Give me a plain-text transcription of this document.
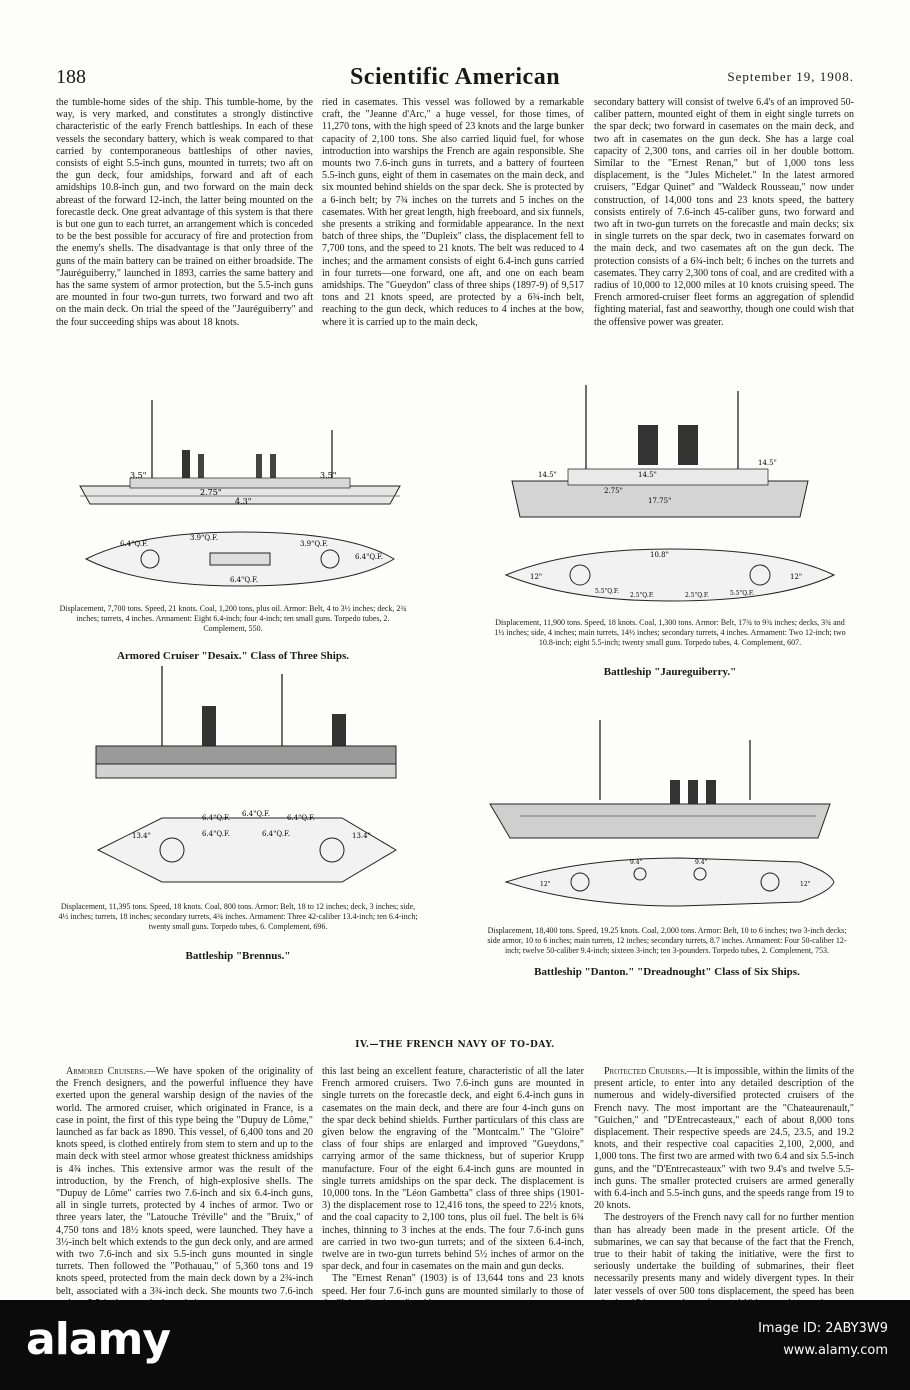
188	Scientific American	September 19, 1908.

the tumble-home sides of the ship. This tumble-home, by the way, is very marked, and constitutes a strongly distinctive characteristic of the early French battleships. In each of these vessels the secondary battery, which is weak compared to that carried by contemporaneous battleships of other navies, consists of eight 5.5-inch guns, mounted in turrets; two aft on the gun deck, four amidships, forward and aft of each amidships 10.8-inch gun, and two forward on the main deck abreast of the forward 12-inch, the latter being mounted on the forecastle deck. One great advantage of this system is that there is but one gun to each turret, an arrangement which is conceded to be the best possible for accuracy of fire and protection from the enemy's shells. The disadvantage is that only three of the guns of the main battery can be trained on either broadside. The "Jauréguiberry," launched in 1893, carries the same battery and has the same system of armor protection, but the 5.5-inch guns are mounted in four two-gun turrets, two forward and two aft on the main deck. On trial the speed of the "Jauréguiberry" and the four succeeding ships was about 18 knots.

ried in casemates. This vessel was followed by a remarkable craft, the "Jeanne d'Arc," a huge vessel, for those times, of 11,270 tons, with the high speed of 23 knots and the large bunker capacity of 2,100 tons. She also carried liquid fuel, for whose introduction into warships the French are again responsible. She mounts two 7.6-inch guns in turrets, and a battery of fourteen 5.5-inch guns, eight of them in casemates on the main deck, and six mounted behind shields on the spar deck. She is protected by a 6-inch belt; by 7¾ inches on the turrets and 5 inches on the casemates. With her great length, high freeboard, and six funnels, she presents a striking and formidable appearance. In the next batch of three ships, the "Dupleix" class, the displacement fell to 7,700 tons, and the speed to 21 knots. The belt was reduced to 4 inches; and the armament consists of eight 6.4-inch guns carried in four turrets—one forward, one aft, and one on each beam amidships. The "Gueydon" class of three ships (1897-9) of 9,517 tons and 21 knots speed, are protected by a 6¾-inch belt, reaching to the gun deck, which reduces to 4 inches at the bow, where it is carried up to the main deck,

secondary battery will consist of twelve 6.4's of an improved 50-caliber pattern, mounted eight of them in eight single turrets on the spar deck; two forward in casemates on the main deck, and two aft in casemates on the gun deck. She has a large coal capacity of 2,300 tons, and carries oil in her double bottom. Similar to the "Ernest Renan," but of 1,000 tons less displacement, is the "Jules Michelet." In the latest armored cruisers, "Edgar Quinet" and "Waldeck Rousseau," now under construction, of 14,000 tons and 23 knots speed, the battery consists entirely of 7.6-inch 45-caliber guns, two forward and two aft in two-gun turrets on the forecastle and main decks; six in single turrets on the spar deck, two in casemates forward on the main deck, and two casemates aft on the gun deck. The protection consists of a 6¾-inch belt; 6 inches on the turrets and casemates. They carry 2,300 tons of coal, and are credited with a radius of 10,000 to 12,000 miles at 10 knots cruising speed. The French armored-cruiser fleet forms an aggregation of splendid fighting material, fast and seaworthy, though one could wish that the offensive power was greater.

3.5"	3.5"
2.75"
4.3"
6.4"Q.F.
3.9"Q.F.
3.9"Q.F.
6.4"Q.F.
6.4"Q.F.
Displacement, 7,700 tons. Speed, 21 knots. Coal, 1,200 tons, plus oil. Armor: Belt, 4 to 3½ inches; deck, 2¾ inches; turrets, 4 inches. Armament: Eight 6.4-inch; four 4-inch; ten small guns. Torpedo tubes, 2. Complement, 550.
Armored Cruiser "Desaix." Class of Three Ships.
14.5"	14.5"
14.5"
2.75"
17.75"
10.8"
12"	12"
5.5"Q.F.
2.5"Q.F.	2.5"Q.F.	5.5"Q.F.
Displacement, 11,900 tons. Speed, 18 knots. Coal, 1,300 tons. Armor: Belt, 17¾ to 9¾ inches; decks, 3¾ and 1½ inches; side, 4 inches; main turrets, 14½ inches; secondary turrets, 4 inches. Armament: Two 12-inch; two 10.8-inch; eight 5.5-inch; twenty small guns. Torpedo tubes, 4. Complement, 607.
Battleship "Jaureguiberry."
6.4"Q.F. 6.4"Q.F. 6.4"Q.F.
6.4"Q.F.	6.4"Q.F.
13.4"	13.4"
Displacement, 11,395 tons. Speed, 18 knots. Coal, 800 tons. Armor: Belt, 18 to 12 inches; deck, 3 inches; side, 4½ inches; turrets, 18 inches; secondary turrets, 4¾ inches. Armament: Three 42-caliber 13.4-inch; ten 6.4-inch; twenty small guns. Torpedo tubes, 6. Complement, 696.
Battleship "Brennus."
9.4"	9.4"
12"	12"
Displacement, 18,400 tons. Speed, 19.25 knots. Coal, 2,000 tons. Armor: Belt, 10 to 6 inches; two 3-inch decks; side armor, 10 to 6 inches; main turrets, 12 inches; secondary turrets, 8.7 inches. Armament: Four 50-caliber 12-inch; twelve 50-caliber 9.4-inch; sixteen 3-inch; ten 3-pounders. Torpedo tubes, 2. Complement, 753.
Battleship "Danton." "Dreadnought" Class of Six Ships.
IV.—THE FRENCH NAVY OF TO-DAY.

Armored Cruisers.—We have spoken of the originality of the French designers, and the powerful influence they have exerted upon the general warship design of the navies of the world. The armored cruiser, which originated in France, is a case in point, the first of this type being the "Dupuy de Lôme," launched as far back as 1890. This vessel, of 6,400 tons and 20 knots speed, is clothed entirely from stem to stern and up to the main deck with steel armor whose greatest thickness amidships is 4¾ inches. This extensive armor was the result of the introduction, by the French, of high-explosive shells. The "Dupuy de Lôme" carries two 7.6-inch and six 6.4-inch guns, all in single turrets, protected by 4 inches of armor. Two or three years later, the "Latouche Tréville" and the "Bruix," of 4,750 tons and 18½ knots speed, were launched. They have a 3½-inch belt which extends to the gun deck only, and are armed with two 7.6-inch and six 5.5-inch guns mounted in single turrets. Then followed the "Pothauau," of 5,360 tons and 19 knots speed, protected from the main deck down by a 2¾-inch belt, associated with a 3¾-inch deck. She mounts two 7.6-inch

this last being an excellent feature, characteristic of all the later French armored cruisers. Two 7.6-inch guns are mounted in single turrets on the forecastle deck, and eight 6.4-inch guns in casemates on the main deck, and there are four 4-inch guns on the spar deck behind shields. Further particulars of this class are given below the engraving of the "Montcalm." The "Gloire" class of four ships are enlarged and improved "Gueydons," carrying armor of the same thickness, but of superior Krupp manufacture. Four of the eight 6.4-inch guns are mounted in single turrets amidships on the spar deck. The displacement is 10,000 tons. In the "Léon Gambetta" class of three ships (1901-3) the displacement rose to 12,416 tons, the speed to 22½ knots, and the coal capacity to 2,100 tons, plus oil fuel. The belt is 6¾ inches, thinning to 3 inches at the ends. The four 7.6-inch guns are carried in two two-gun turrets; and of the sixteen 6.4-inch, twelve are in two-gun turrets behind 5½ inches of armor on the spar deck, and four in casemates on the main and gun decks.

The "Ernest Renan" (1903) is of 13,644 tons and 23 knots speed. Her four 7.6-inch guns are mounted similarly to those of

Protected Cruisers.—It is impossible, within the limits of the present article, to enter into any detailed description of the numerous and widely-diversified protected cruisers of the French navy. The most important are the "Chateaurenault," "Guichen," and "D'Entrecasteaux," each of about 8,000 tons displacement. Their respective speeds are 24.5, 23.5, and 19.2 knots, and their respective coal capacities 2,100, 2,000, and 1,000 tons. The first two are armed with two 6.4 and six 5.5-inch guns, and the "D'Entrecasteaux" with two 9.4's and twelve 5.5-inch guns. The smaller protected cruisers are armed generally with 6.4-inch and 5.5-inch guns, and the speeds range from 19 to 20 knots.

The destroyers of the French navy call for no further mention than has already been made in the present article. Of the submarines, we can say that because of the fact that the French, true to their habit of taking the initiative, were the first to seriously undertake the building of submarines, their fleet necessarily presents many and widely divergent types. In their later vessels of over 500 tons displacement, the speed has been

alamy	Image ID: 2ABY3W9
www.alamy.com
